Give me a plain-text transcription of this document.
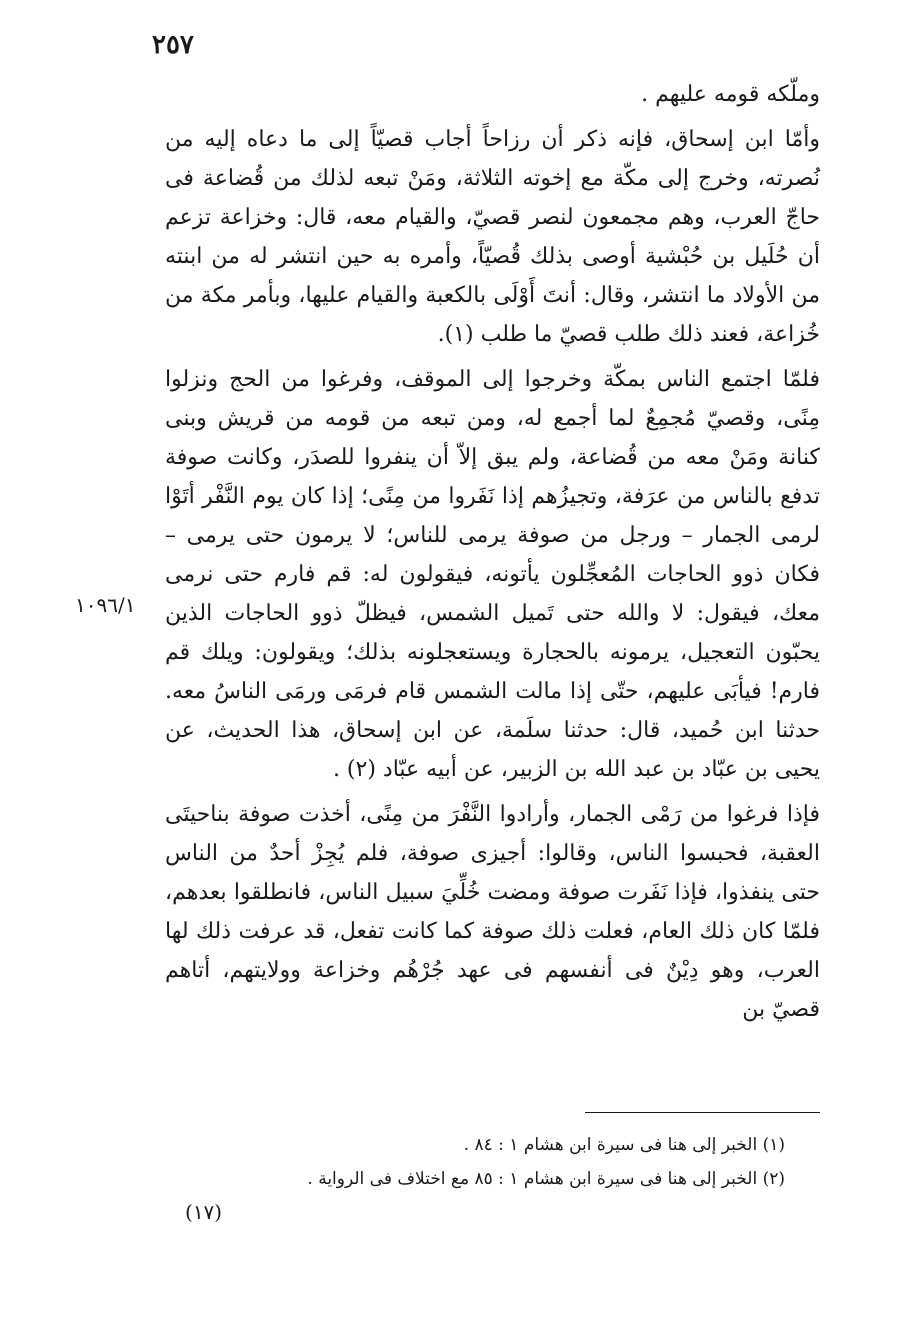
٢٥٧

وملّكه قومه عليهم .

وأمّا ابن إسحاق، فإنه ذكر أن رزاحاً أجاب قصيّاً إلى ما دعاه إليه من نُصرته، وخرج إلى مكّة مع إخوته الثلاثة، ومَنْ تبعه لذلك من قُضاعة فى حاجّ العرب، وهم مجمعون لنصر قصيّ، والقيام معه، قال: وخزاعة تزعم أن حُلَيل بن حُبْشية أوصى بذلك قُصيّاً، وأمره به حين انتشر له من ابنته من الأولاد ما انتشر، وقال: أنتَ أَوْلَى بالكعبة والقيام عليها، وبأمر مكة من خُزاعة، فعند ذلك طلب قصيّ ما طلب (١).

فلمّا اجتمع الناس بمكّة وخرجوا إلى الموقف، وفرغوا من الحج ونزلوا مِنًى، وقصيّ مُجمِعٌ لما أجمع له، ومن تبعه من قومه من قريش وبنى كنانة ومَنْ معه من قُضاعة، ولم يبق إلاّ أن ينفروا للصدَر، وكانت صوفة تدفع بالناس من عرَفة، وتجيزُهم إذا نَفَروا من مِنًى؛ إذا كان يوم النَّفْر أتَوْا لرمى الجمار – ورجل من صوفة يرمى للناس؛ لا يرمون حتى يرمى – فكان ذوو الحاجات المُعجِّلون يأتونه، فيقولون له: قم فارم حتى نرمى معك، فيقول: لا والله حتى تَميل الشمس، فيظلّ ذوو الحاجات الذين يحبّون التعجيل، يرمونه بالحجارة ويستعجلونه بذلك؛ ويقولون: ويلك قم فارم! فيأبَى عليهم، حتّى إذا مالت الشمس قام فرمَى ورمَى الناسُ معه. حدثنا ابن حُميد، قال: حدثنا سلَمة، عن ابن إسحاق، هذا الحديث، عن يحيى بن عبّاد بن عبد الله بن الزبير، عن أبيه عبّاد (٢) .

فإذا فرغوا من رَمْى الجمار، وأرادوا النَّفْرَ من مِنًى، أخذت صوفة بناحيتَى العقبة، فحبسوا الناس، وقالوا: أجيزى صوفة، فلم يُجِزْ أحدٌ من الناس حتى ينفذوا، فإذا نَفَرت صوفة ومضت خُلِّيَ سبيل الناس، فانطلقوا بعدهم، فلمّا كان ذلك العام، فعلت ذلك صوفة كما كانت تفعل، قد عرفت ذلك لها العرب، وهو دِيْنٌ فى أنفسهم فى عهد جُرْهُم وخزاعة وولايتهم، أتاهم قصيّ بن

١٠٩٦/١

(١) الخبر إلى هنا فى سيرة ابن هشام ١ : ٨٤ .

(٢) الخبر إلى هنا فى سيرة ابن هشام ١ : ٨٥ مع اختلاف فى الرواية .

(١٧)
